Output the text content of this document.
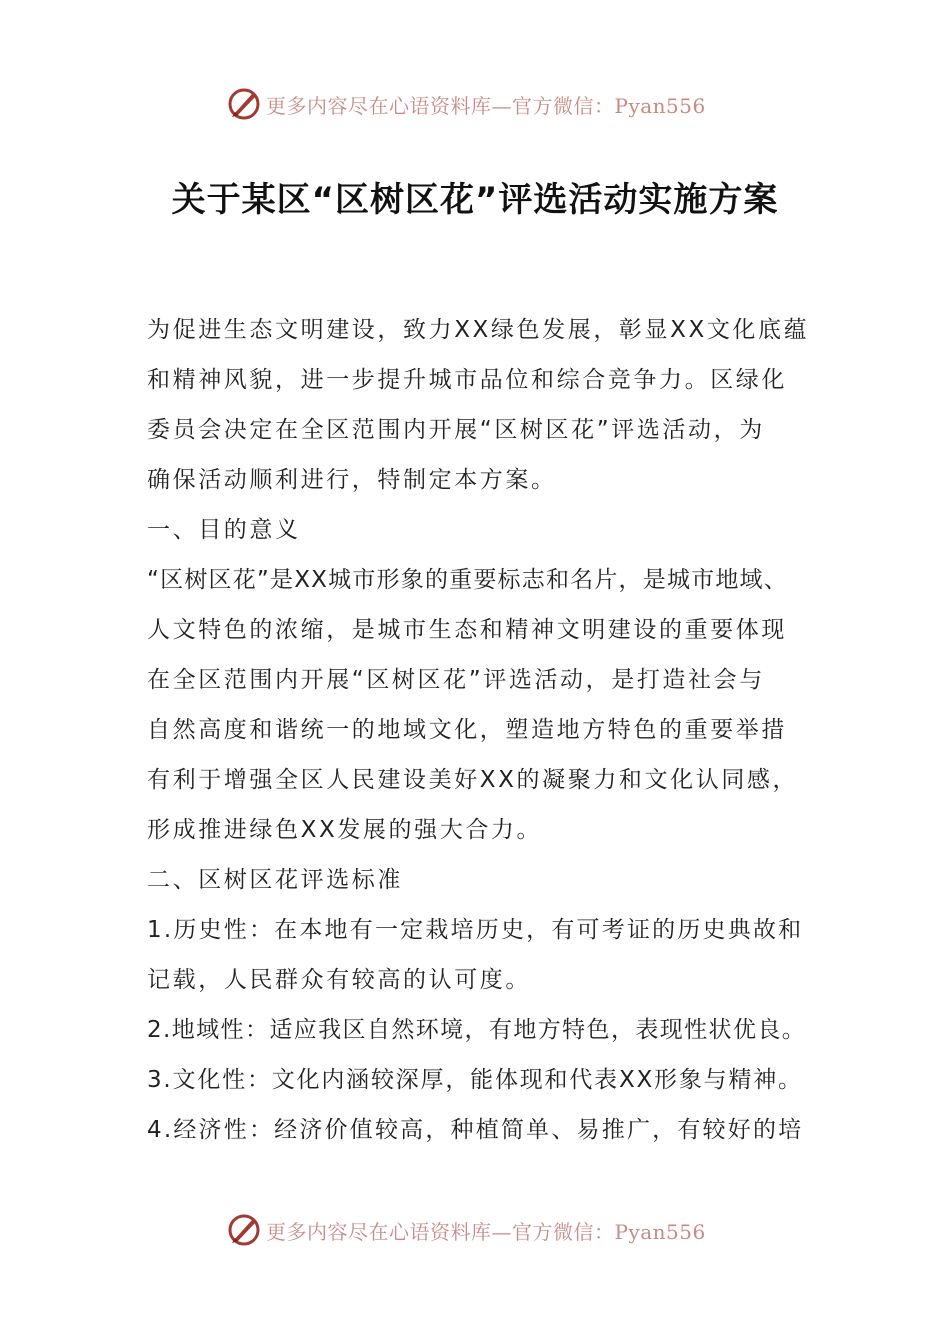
更多内容尽在心语资料库—官方微信：Pyan556
关于某区“区树区花”评选活动实施方案

为促进生态文明建设，致力XX绿色发展，彰显XX文化底蕴

和精神风貌，进一步提升城市品位和综合竞争力。区绿化

委员会决定在全区范围内开展“区树区花”评选活动，为

确保活动顺利进行，特制定本方案。

一、目的意义

“区树区花”是XX城市形象的重要标志和名片，是城市地域、

人文特色的浓缩，是城市生态和精神文明建设的重要体现

在全区范围内开展“区树区花”评选活动，是打造社会与

自然高度和谐统一的地域文化，塑造地方特色的重要举措

有利于增强全区人民建设美好XX的凝聚力和文化认同感，

形成推进绿色XX发展的强大合力。

二、区树区花评选标准

1.历史性：在本地有一定栽培历史，有可考证的历史典故和

记载，人民群众有较高的认可度。

2.地域性：适应我区自然环境，有地方特色，表现性状优良。

3.文化性：文化内涵较深厚，能体现和代表XX形象与精神。

4.经济性：经济价值较高，种植简单、易推广，有较好的培

更多内容尽在心语资料库—官方微信：Pyan556
